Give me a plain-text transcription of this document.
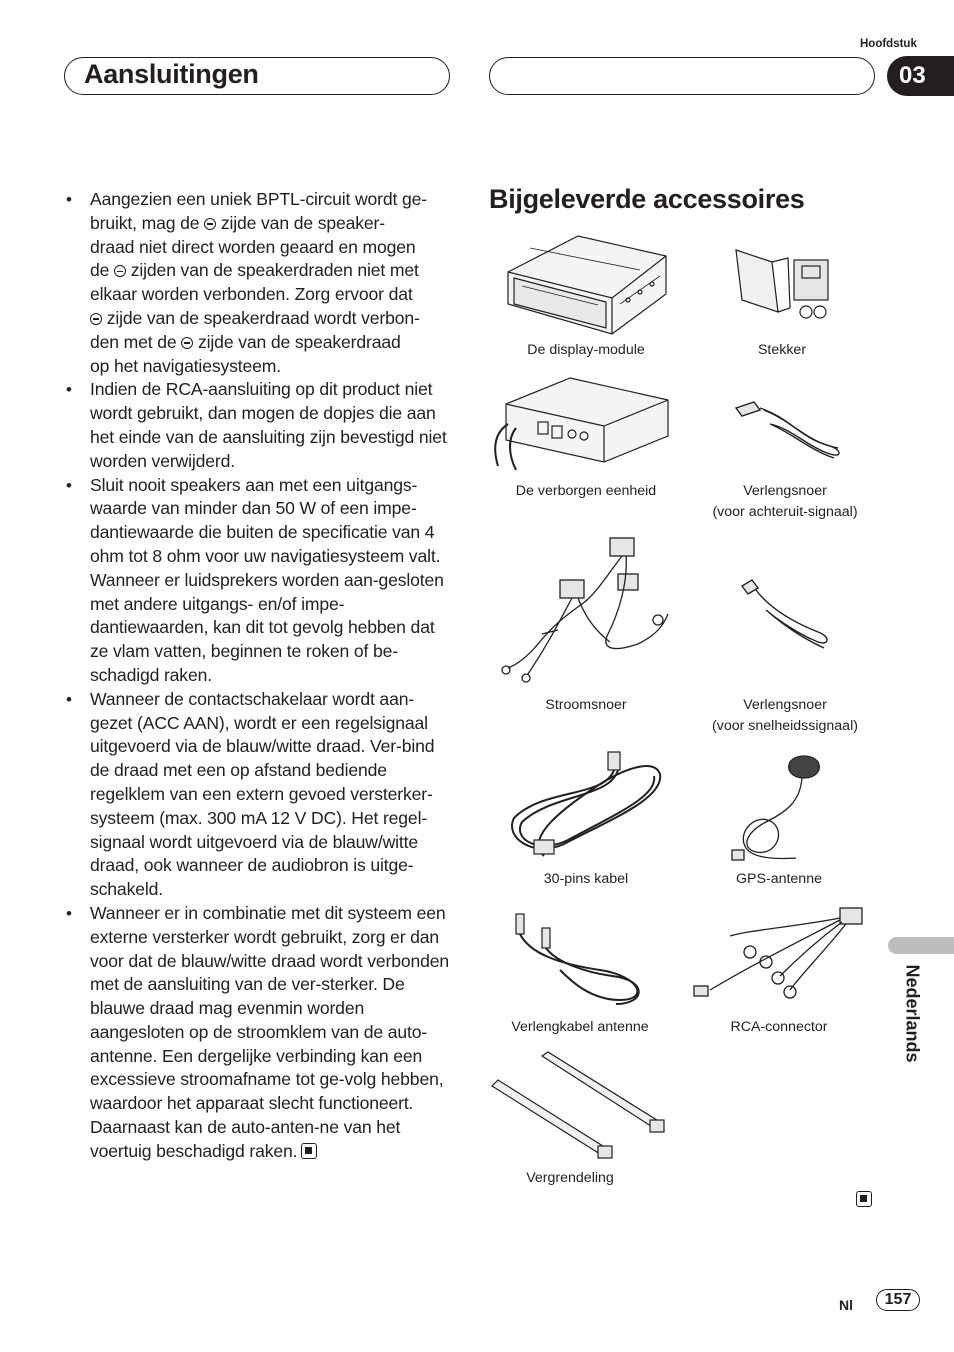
Aansluitingen
Hoofdstuk
03
• Aangezien een uniek BPTL-circuit wordt ge-
bruikt, mag de  zijde van de speaker-
draad niet direct worden geaard en mogen
de  zijden van de speakerdraden niet met
elkaar worden verbonden. Zorg ervoor dat
zijde van de speakerdraad wordt verbon-
den met de  zijde van de speakerdraad
op het navigatiesysteem.
• Indien de RCA-aansluiting op dit product niet wordt gebruikt, dan mogen de dopjes die aan het einde van de aansluiting zijn bevestigd niet worden verwijderd.
• Sluit nooit speakers aan met een uitgangs-waarde van minder dan 50 W of een impe-dantiewaarde die buiten de specificatie van 4 ohm tot 8 ohm voor uw navigatiesysteem valt. Wanneer er luidsprekers worden aan-gesloten met andere uitgangs- en/of impe-dantiewaarden, kan dit tot gevolg hebben dat ze vlam vatten, beginnen te roken of be-schadigd raken.
• Wanneer de contactschakelaar wordt aan-gezet (ACC AAN), wordt er een regelsignaal uitgevoerd via de blauw/witte draad. Ver-bind de draad met een op afstand bediende regelklem van een extern gevoed versterker-systeem (max. 300 mA 12 V DC). Het regel-signaal wordt uitgevoerd via de blauw/witte draad, ook wanneer de audiobron is uitge-schakeld.
• Wanneer er in combinatie met dit systeem een externe versterker wordt gebruikt, zorg er dan voor dat de blauw/witte draad wordt verbonden met de aansluiting van de ver-sterker. De blauwe draad mag evenmin worden aangesloten op de stroomklem van de auto-antenne. Een dergelijke verbinding kan een excessieve stroomafname tot ge-volg hebben, waardoor het apparaat slecht functioneert. Daarnaast kan de auto-anten-ne van het voertuig beschadigd raken.
Bijgeleverde accessoires
De display-module	Stekker
De verborgen eenheid	Verlengsnoer
(voor achteruit-signaal)
Stroomsnoer	Verlengsnoer
(voor snelheidssignaal)
30-pins kabel	GPS-antenne
Verlengkabel antenne	RCA-connector
Vergrendeling
Nederlands
Nl	157
